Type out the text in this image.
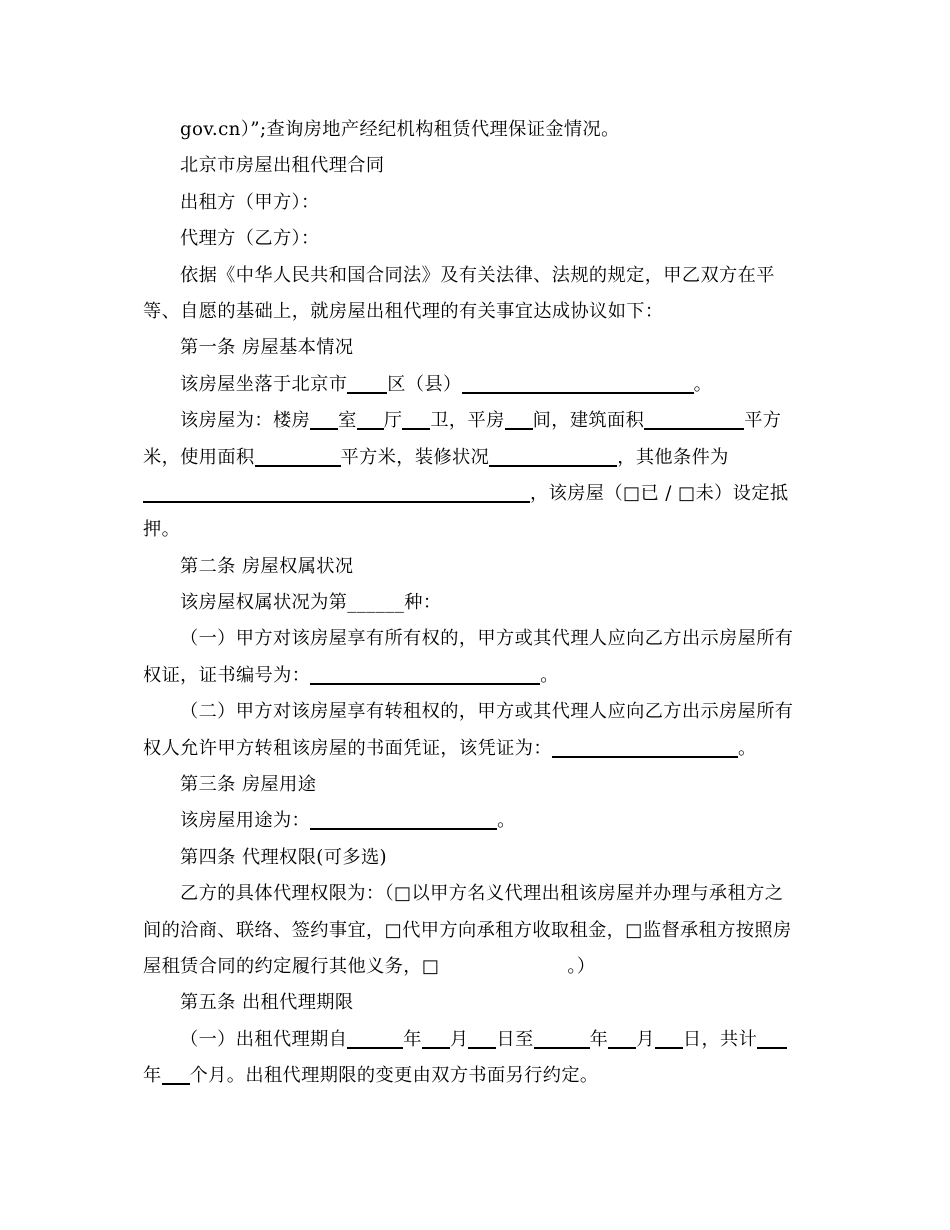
gov.cn）”;查询房地产经纪机构租赁代理保证金情况。
北京市房屋出租代理合同
出租方（甲方）：
代理方（乙方）：
依据《中华人民共和国合同法》及有关法律、法规的规定，甲乙双方在平
等、自愿的基础上，就房屋出租代理的有关事宜达成协议如下：
第一条 房屋基本情况
该房屋坐落于北京市 区（县）	。
该房屋为：楼房 室 厅 卫，平房 间，建筑面积	平方
米，使用面积	平方米，装修状况	，其他条件为
，该房屋（□已 / □未）设定抵
押。
第二条 房屋权属状况
该房屋权属状况为第______种：
（一）甲方对该房屋享有所有权的，甲方或其代理人应向乙方出示房屋所有
权证，证书编号为：	。
（二）甲方对该房屋享有转租权的，甲方或其代理人应向乙方出示房屋所有
权人允许甲方转租该房屋的书面凭证，该凭证为：	。
第三条 房屋用途
该房屋用途为：	。
第四条 代理权限(可多选)
乙方的具体代理权限为：（□以甲方名义代理出租该房屋并办理与承租方之
间的洽商、联络、签约事宜，□代甲方向承租方收取租金，□监督承租方按照房
屋租赁合同的约定履行其他义务，□	。）
第五条 出租代理期限
（一）出租代理期自	年 月 日至	年 月 日，共计
年 个月。出租代理期限的变更由双方书面另行约定。
